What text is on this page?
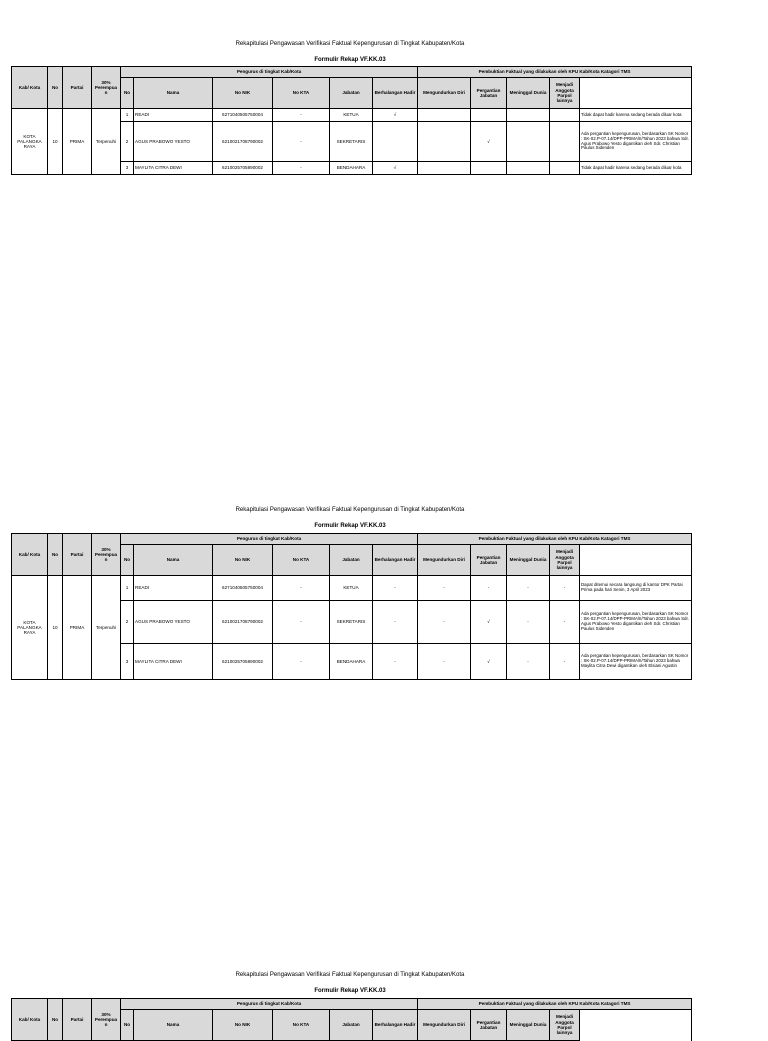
Rekapitulasi Pengawasan Verifikasi Faktual Kepengurusan di Tingkat Kabupaten/Kota
Formulir Rekap VF.KK.03
Kab/ Kota	No	Partai	30% Perempua n	Pengurus di tingkat Kab/Kota						Pembuktian Faktual yang dilakukan oleh KPU Kab/Kota Katagori TMS	
				No	Nama	No NIK	No KTA	Jabatan	Berhalangan Hadir	Mengundurkan Diri	Pergantian Jabatan	Meninggal Dunia	Menjadi Anggota Parpol lainnya		
KOTA PALANGKA RAYA	10	PRIMA	Terpenuhi	1	READI	6271040505750004	-	KETUA	√					Tidak dapat hadir karena sedang berada diluar kota	
				2	AGUS PRABOWO YESTO	6210021708790002	-	SEKRETARIS			√			Ada pergantian kepengurusan, berdasarkan SK Nomor : SK-02.P-07.14/DPP-PRIMA/II/Tahun 2023 bahwa Sdr. Agus Prabowo Yesto digantikan oleh Sdr. Christian Paulus Sidenden	
				3	MAYLITA CITRA DEWI	6210025705890002	-	BENDAHARA	√					Tidak dapat hadir karena sedang berada diluar kota	
Rekapitulasi Pengawasan Verifikasi Faktual Kepengurusan di Tingkat Kabupaten/Kota
Formulir Rekap VF.KK.03
Kab/ Kota	No	Partai	30% Perempua n	Pengurus di tingkat Kab/Kota						Pembuktian Faktual yang dilakukan oleh KPU Kab/Kota Katagori TMS	
				No	Nama	No NIK	No KTA	Jabatan	Berhalangan Hadir	Mengundurkan Diri	Pergantian Jabatan	Meninggal Dunia	Menjadi Anggota Parpol lainnya		
KOTA PALANGKA RAYA	10	PRIMA	Terpenuhi	1	READI	6271040505750004	-	KETUA	-	-	-	-	-	Dapat ditemui secara langsung di kantor DPK Partai Prima pada hari Senin, 3 April 2023	
				2	AGUS PRABOWO YESTO	6210021708790002	-	SEKRETARIS	-	-	√	-	-	Ada pergantian kepengurusan, berdasarkan SK Nomor : SK-02.P-07.14/DPP-PRIMA/II/Tahun 2023 bahwa Sdr. Agus Prabowo Yesto digantikan oleh Sdr. Christian Paulus Sidenden	
				3	MAYLITA CITRA DEWI	6210025705890002	-	BENDAHARA	-	-	√	-	-	Ada pergantian kepengurusan, berdasarkan SK Nomor : SK-02.P-07.14/DPP-PRIMA/II/Tahun 2023 bahwa Maylita Citra Dewi digantikan oleh Elsiani Agustin	
Rekapitulasi Pengawasan Verifikasi Faktual Kepengurusan di Tingkat Kabupaten/Kota
Formulir Rekap VF.KK.03
Kab/ Kota	No	Partai	30% Perempua n	Pengurus di tingkat Kab/Kota						Pembuktian Faktual yang dilakukan oleh KPU Kab/Kota Katagori TMS	
				No	Nama	No NIK	No KTA	Jabatan	Berhalangan Hadir	Mengundurkan Diri	Pergantian Jabatan	Meninggal Dunia	Menjadi Anggota Parpol lainnya	
